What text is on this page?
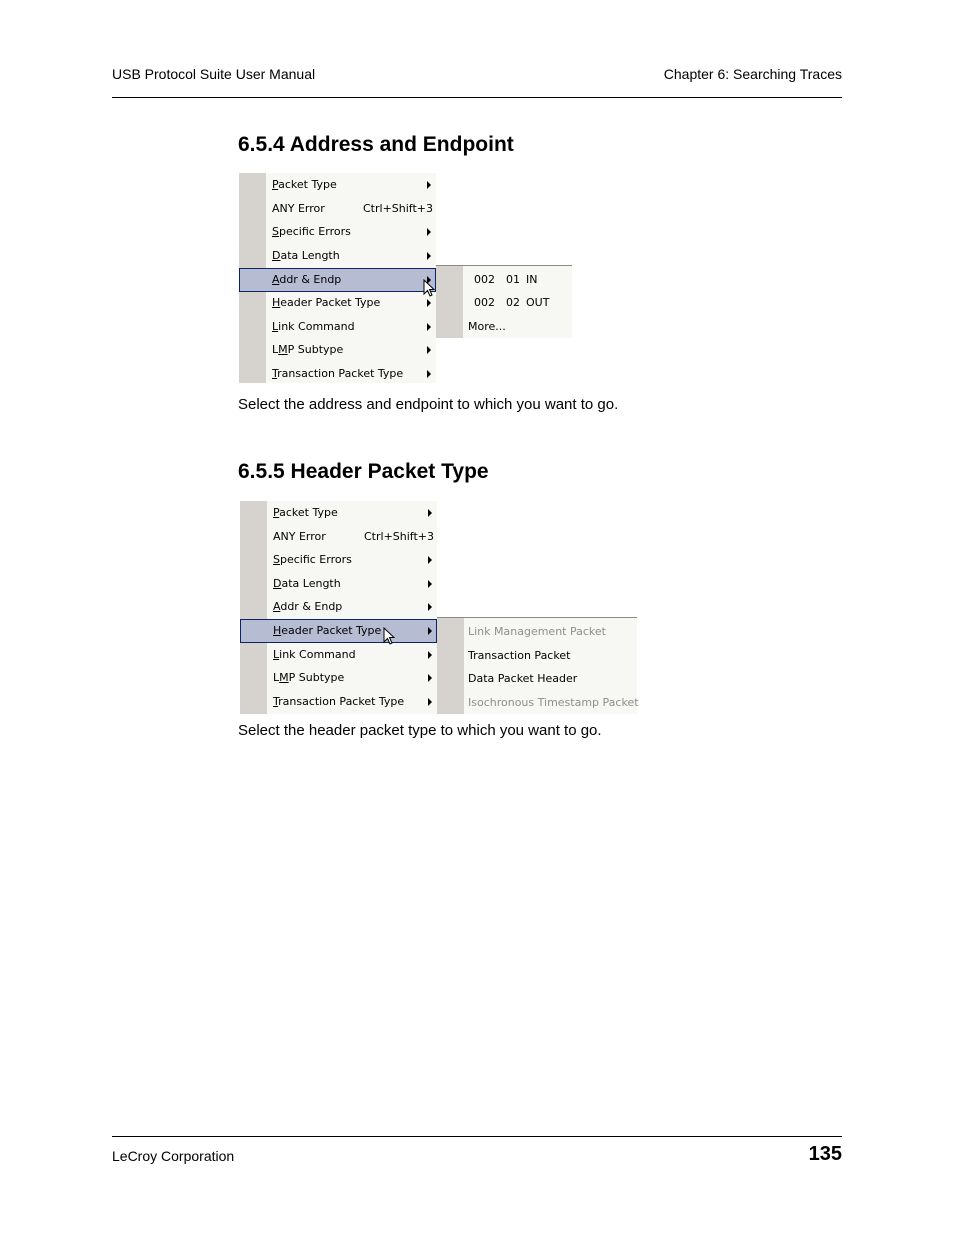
USB Protocol Suite User Manual	Chapter 6: Searching Traces
6.5.4 Address and Endpoint
Packet Type
ANY Error	Ctrl+Shift+3
Specific Errors
Data Length
Addr & Endp
Header Packet Type
Link Command
LMP Subtype
Transaction Packet Type
002 01 IN
002 02 OUT
More...
Select the address and endpoint to which you want to go.
6.5.5 Header Packet Type
Packet Type
ANY Error	Ctrl+Shift+3
Specific Errors
Data Length
Addr & Endp
Header Packet Type
Link Command
LMP Subtype
Transaction Packet Type
Link Management Packet
Transaction Packet
Data Packet Header
Isochronous Timestamp Packet
Select the header packet type to which you want to go.
LeCroy Corporation	135
